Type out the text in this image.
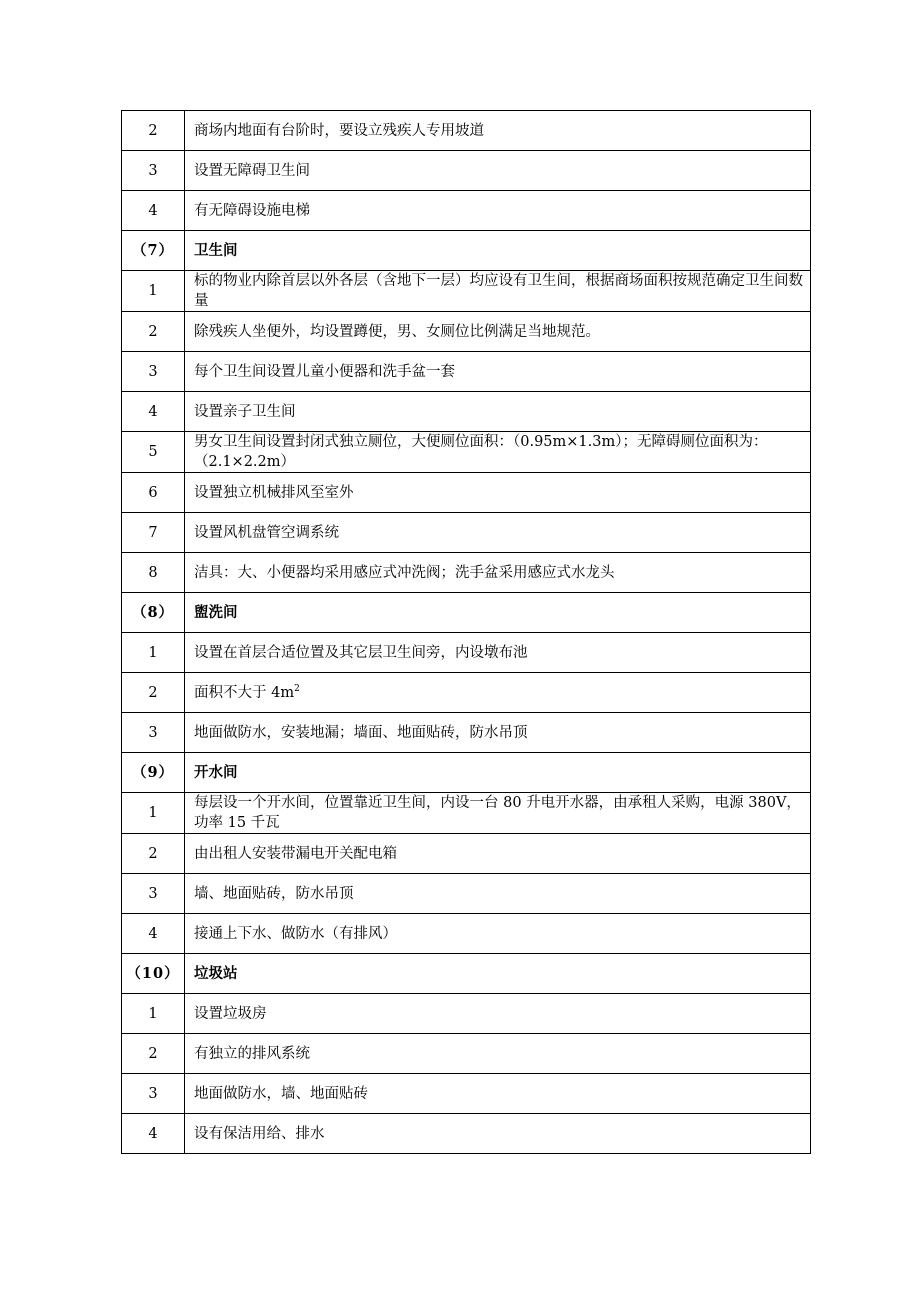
2	商场内地面有台阶时，要设立残疾人专用坡道
3	设置无障碍卫生间
4	有无障碍设施电梯
（7）	卫生间
1	标的物业内除首层以外各层（含地下一层）均应设有卫生间，根据商场面积按规范确定卫生间数量
2	除残疾人坐便外，均设置蹲便，男、女厕位比例满足当地规范。
3	每个卫生间设置儿童小便器和洗手盆一套
4	设置亲子卫生间
5	男女卫生间设置封闭式独立厕位，大便厕位面积：（0.95m×1.3m）；无障碍厕位面积为：（2.1×2.2m）
6	设置独立机械排风至室外
7	设置风机盘管空调系统
8	洁具：大、小便器均采用感应式冲洗阀；洗手盆采用感应式水龙头
（8）	盥洗间
1	设置在首层合适位置及其它层卫生间旁，内设墩布池
2	面积不大于 $4m^2$
3	地面做防水，安装地漏；墙面、地面贴砖，防水吊顶
（9）	开水间
1	每层设一个开水间，位置靠近卫生间，内设一台 80 升电开水器，由承租人采购，电源 380V，功率 15 千瓦
2	由出租人安装带漏电开关配电箱
3	墙、地面贴砖，防水吊顶
4	接通上下水、做防水（有排风）
（10）	垃圾站
1	设置垃圾房
2	有独立的排风系统
3	地面做防水，墙、地面贴砖
4	设有保洁用给、排水
